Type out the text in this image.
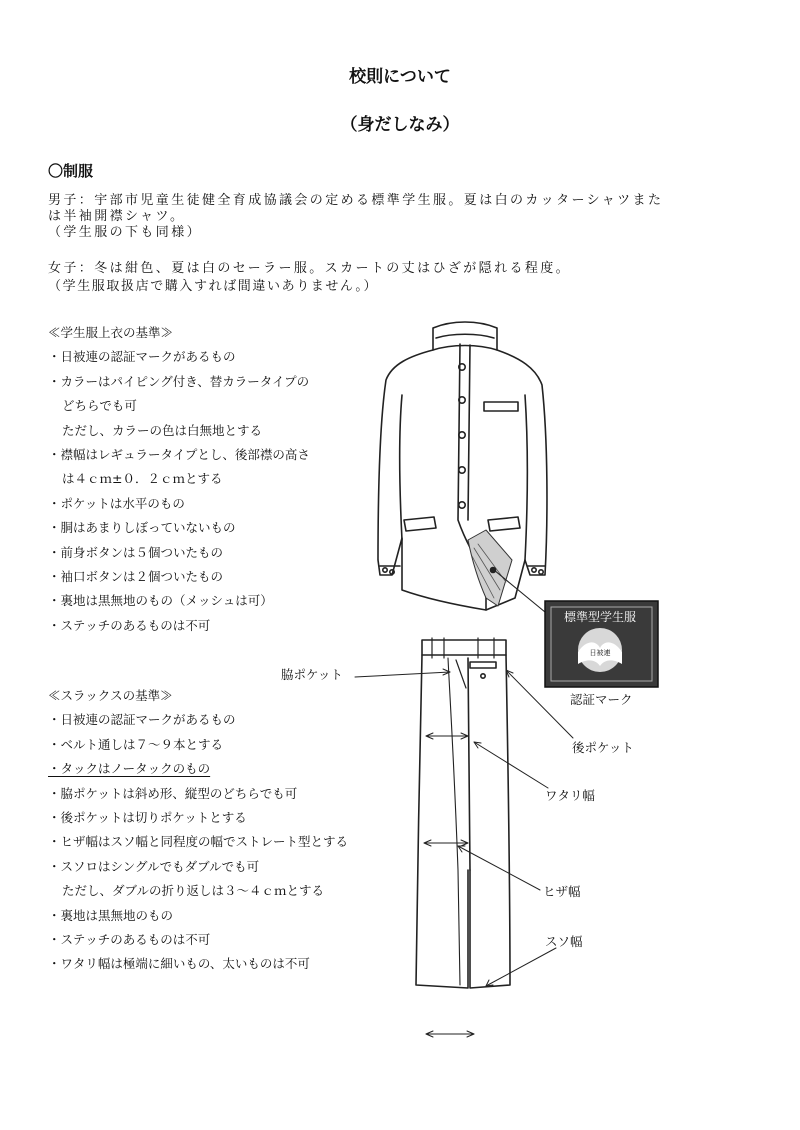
校則について
（身だしなみ）
〇制服
男子：宇部市児童生徒健全育成協議会の定める標準学生服。夏は白のカッターシャツまた
は半袖開襟シャツ。
（学生服の下も同様）
女子：冬は紺色、夏は白のセーラー服。スカートの丈はひざが隠れる程度。
（学生服取扱店で購入すれば間違いありません。）
≪学生服上衣の基準≫
・日被連の認証マークがあるもの
・カラーはパイピング付き、替カラータイプの
どちらでも可
ただし、カラーの色は白無地とする
・襟幅はレギュラータイプとし、後部襟の高さ
は４ｃｍ±０．２ｃｍとする
・ポケットは水平のもの
・胴はあまりしぼっていないもの
・前身ボタンは５個ついたもの
・袖口ボタンは２個ついたもの
・裏地は黒無地のもの（メッシュは可）
・ステッチのあるものは不可
≪スラックスの基準≫
・日被連の認証マークがあるもの
・ベルト通しは７～９本とする
・タックはノータックのもの
・脇ポケットは斜め形、縦型のどちらでも可
・後ポケットは切りポケットとする
・ヒザ幅はスソ幅と同程度の幅でストレート型とする
・スソロはシングルでもダブルでも可
ただし、ダブルの折り返しは３～４ｃｍとする
・裏地は黒無地のもの
・ステッチのあるものは不可
・ワタリ幅は極端に細いもの、太いものは不可
標準型学生服
日被連
脇ポケット
認証マーク
後ポケット
ワタリ幅
ヒザ幅
スソ幅
